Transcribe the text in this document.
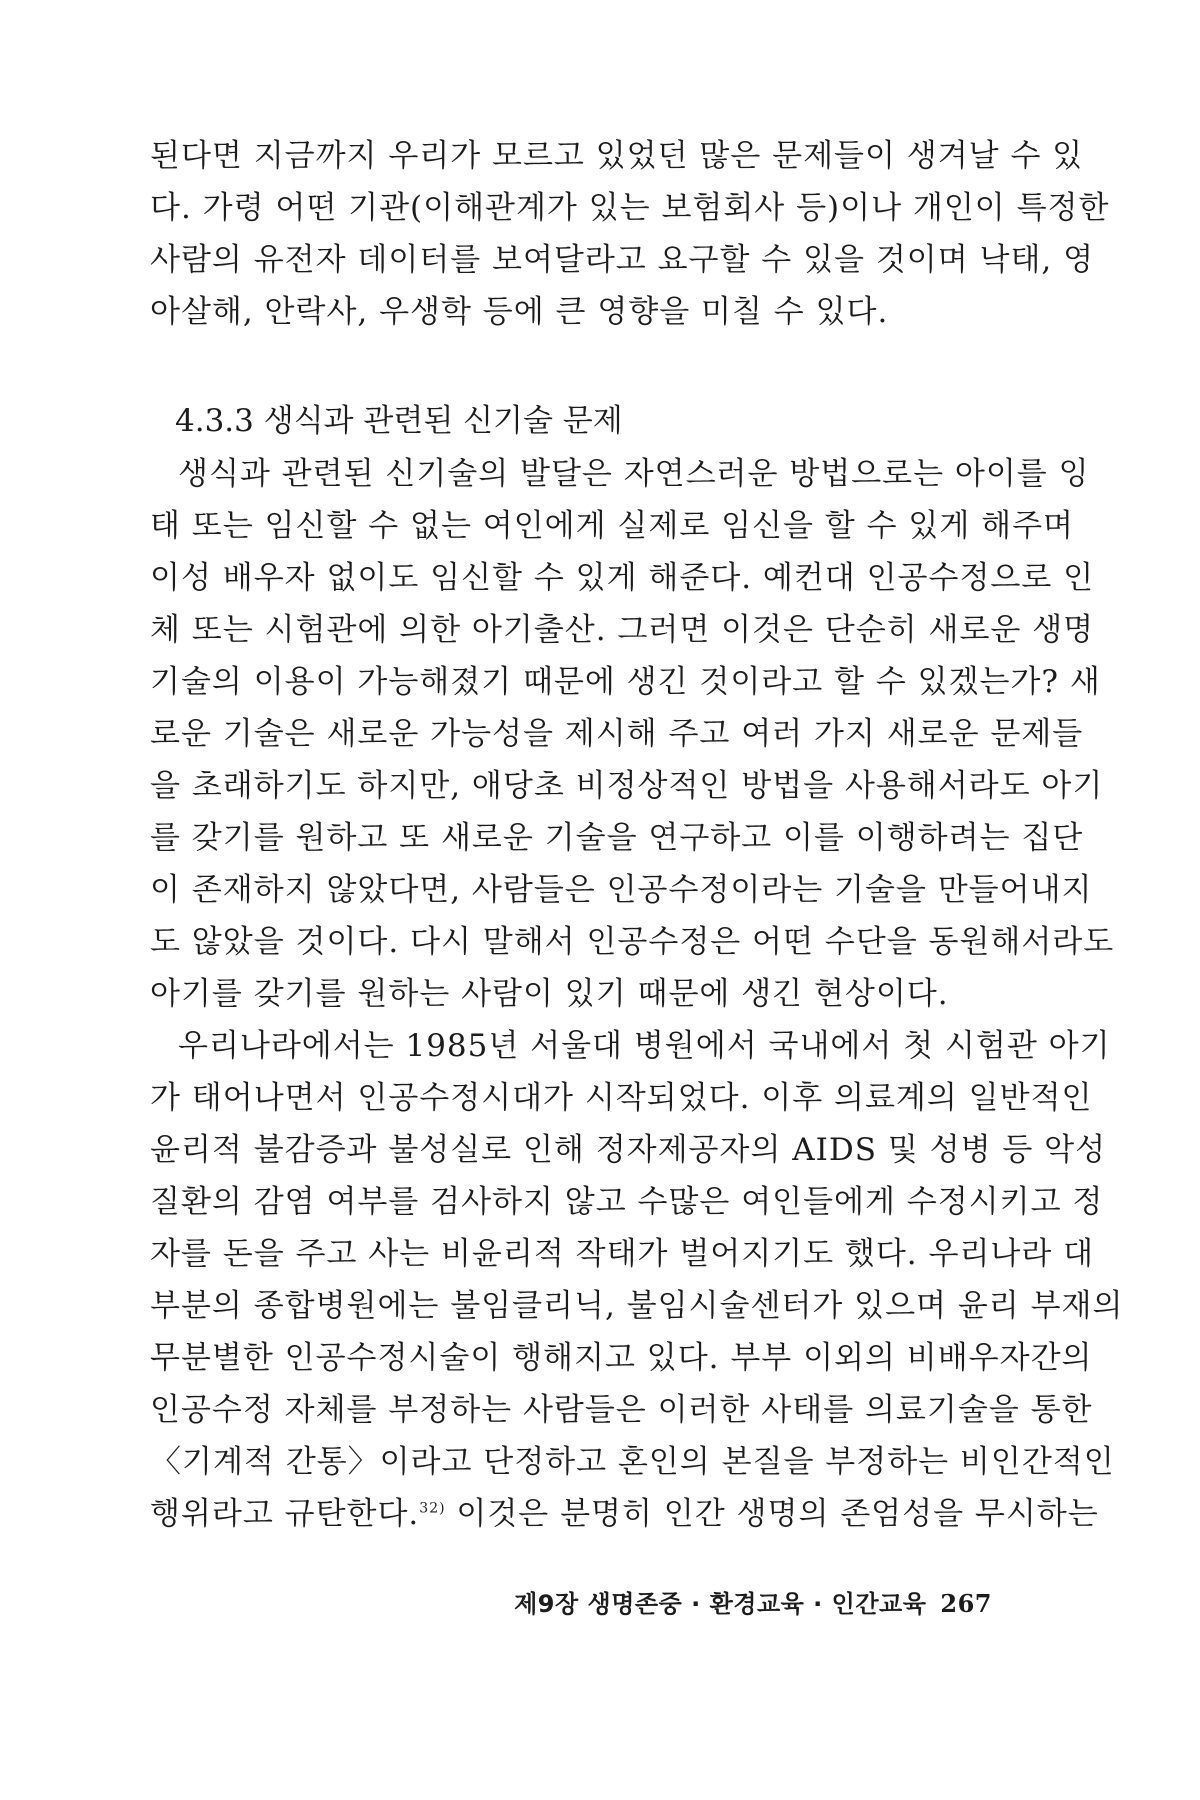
된다면 지금까지 우리가 모르고 있었던 많은 문제들이 생겨날 수 있
다. 가령 어떤 기관(이해관계가 있는 보험회사 등)이나 개인이 특정한
사람의 유전자 데이터를 보여달라고 요구할 수 있을 것이며 낙태, 영
아살해, 안락사, 우생학 등에 큰 영향을 미칠 수 있다.
4.3.3 생식과 관련된 신기술 문제
생식과 관련된 신기술의 발달은 자연스러운 방법으로는 아이를 잉
태 또는 임신할 수 없는 여인에게 실제로 임신을 할 수 있게 해주며
이성 배우자 없이도 임신할 수 있게 해준다. 예컨대 인공수정으로 인
체 또는 시험관에 의한 아기출산. 그러면 이것은 단순히 새로운 생명
기술의 이용이 가능해졌기 때문에 생긴 것이라고 할 수 있겠는가? 새
로운 기술은 새로운 가능성을 제시해 주고 여러 가지 새로운 문제들
을 초래하기도 하지만, 애당초 비정상적인 방법을 사용해서라도 아기
를 갖기를 원하고 또 새로운 기술을 연구하고 이를 이행하려는 집단
이 존재하지 않았다면, 사람들은 인공수정이라는 기술을 만들어내지
도 않았을 것이다. 다시 말해서 인공수정은 어떤 수단을 동원해서라도
아기를 갖기를 원하는 사람이 있기 때문에 생긴 현상이다.
우리나라에서는 1985년 서울대 병원에서 국내에서 첫 시험관 아기
가 태어나면서 인공수정시대가 시작되었다. 이후 의료계의 일반적인
윤리적 불감증과 불성실로 인해 정자제공자의 AIDS 및 성병 등 악성
질환의 감염 여부를 검사하지 않고 수많은 여인들에게 수정시키고 정
자를 돈을 주고 사는 비윤리적 작태가 벌어지기도 했다. 우리나라 대
부분의 종합병원에는 불임클리닉, 불임시술센터가 있으며 윤리 부재의
무분별한 인공수정시술이 행해지고 있다. 부부 이외의 비배우자간의
인공수정 자체를 부정하는 사람들은 이러한 사태를 의료기술을 통한
〈기계적 간통〉이라고 단정하고 혼인의 본질을 부정하는 비인간적인
행위라고 규탄한다.$^{32)}$ 이것은 분명히 인간 생명의 존엄성을 무시하는
제9장 생명존중 · 환경교육 · 인간교육 267
